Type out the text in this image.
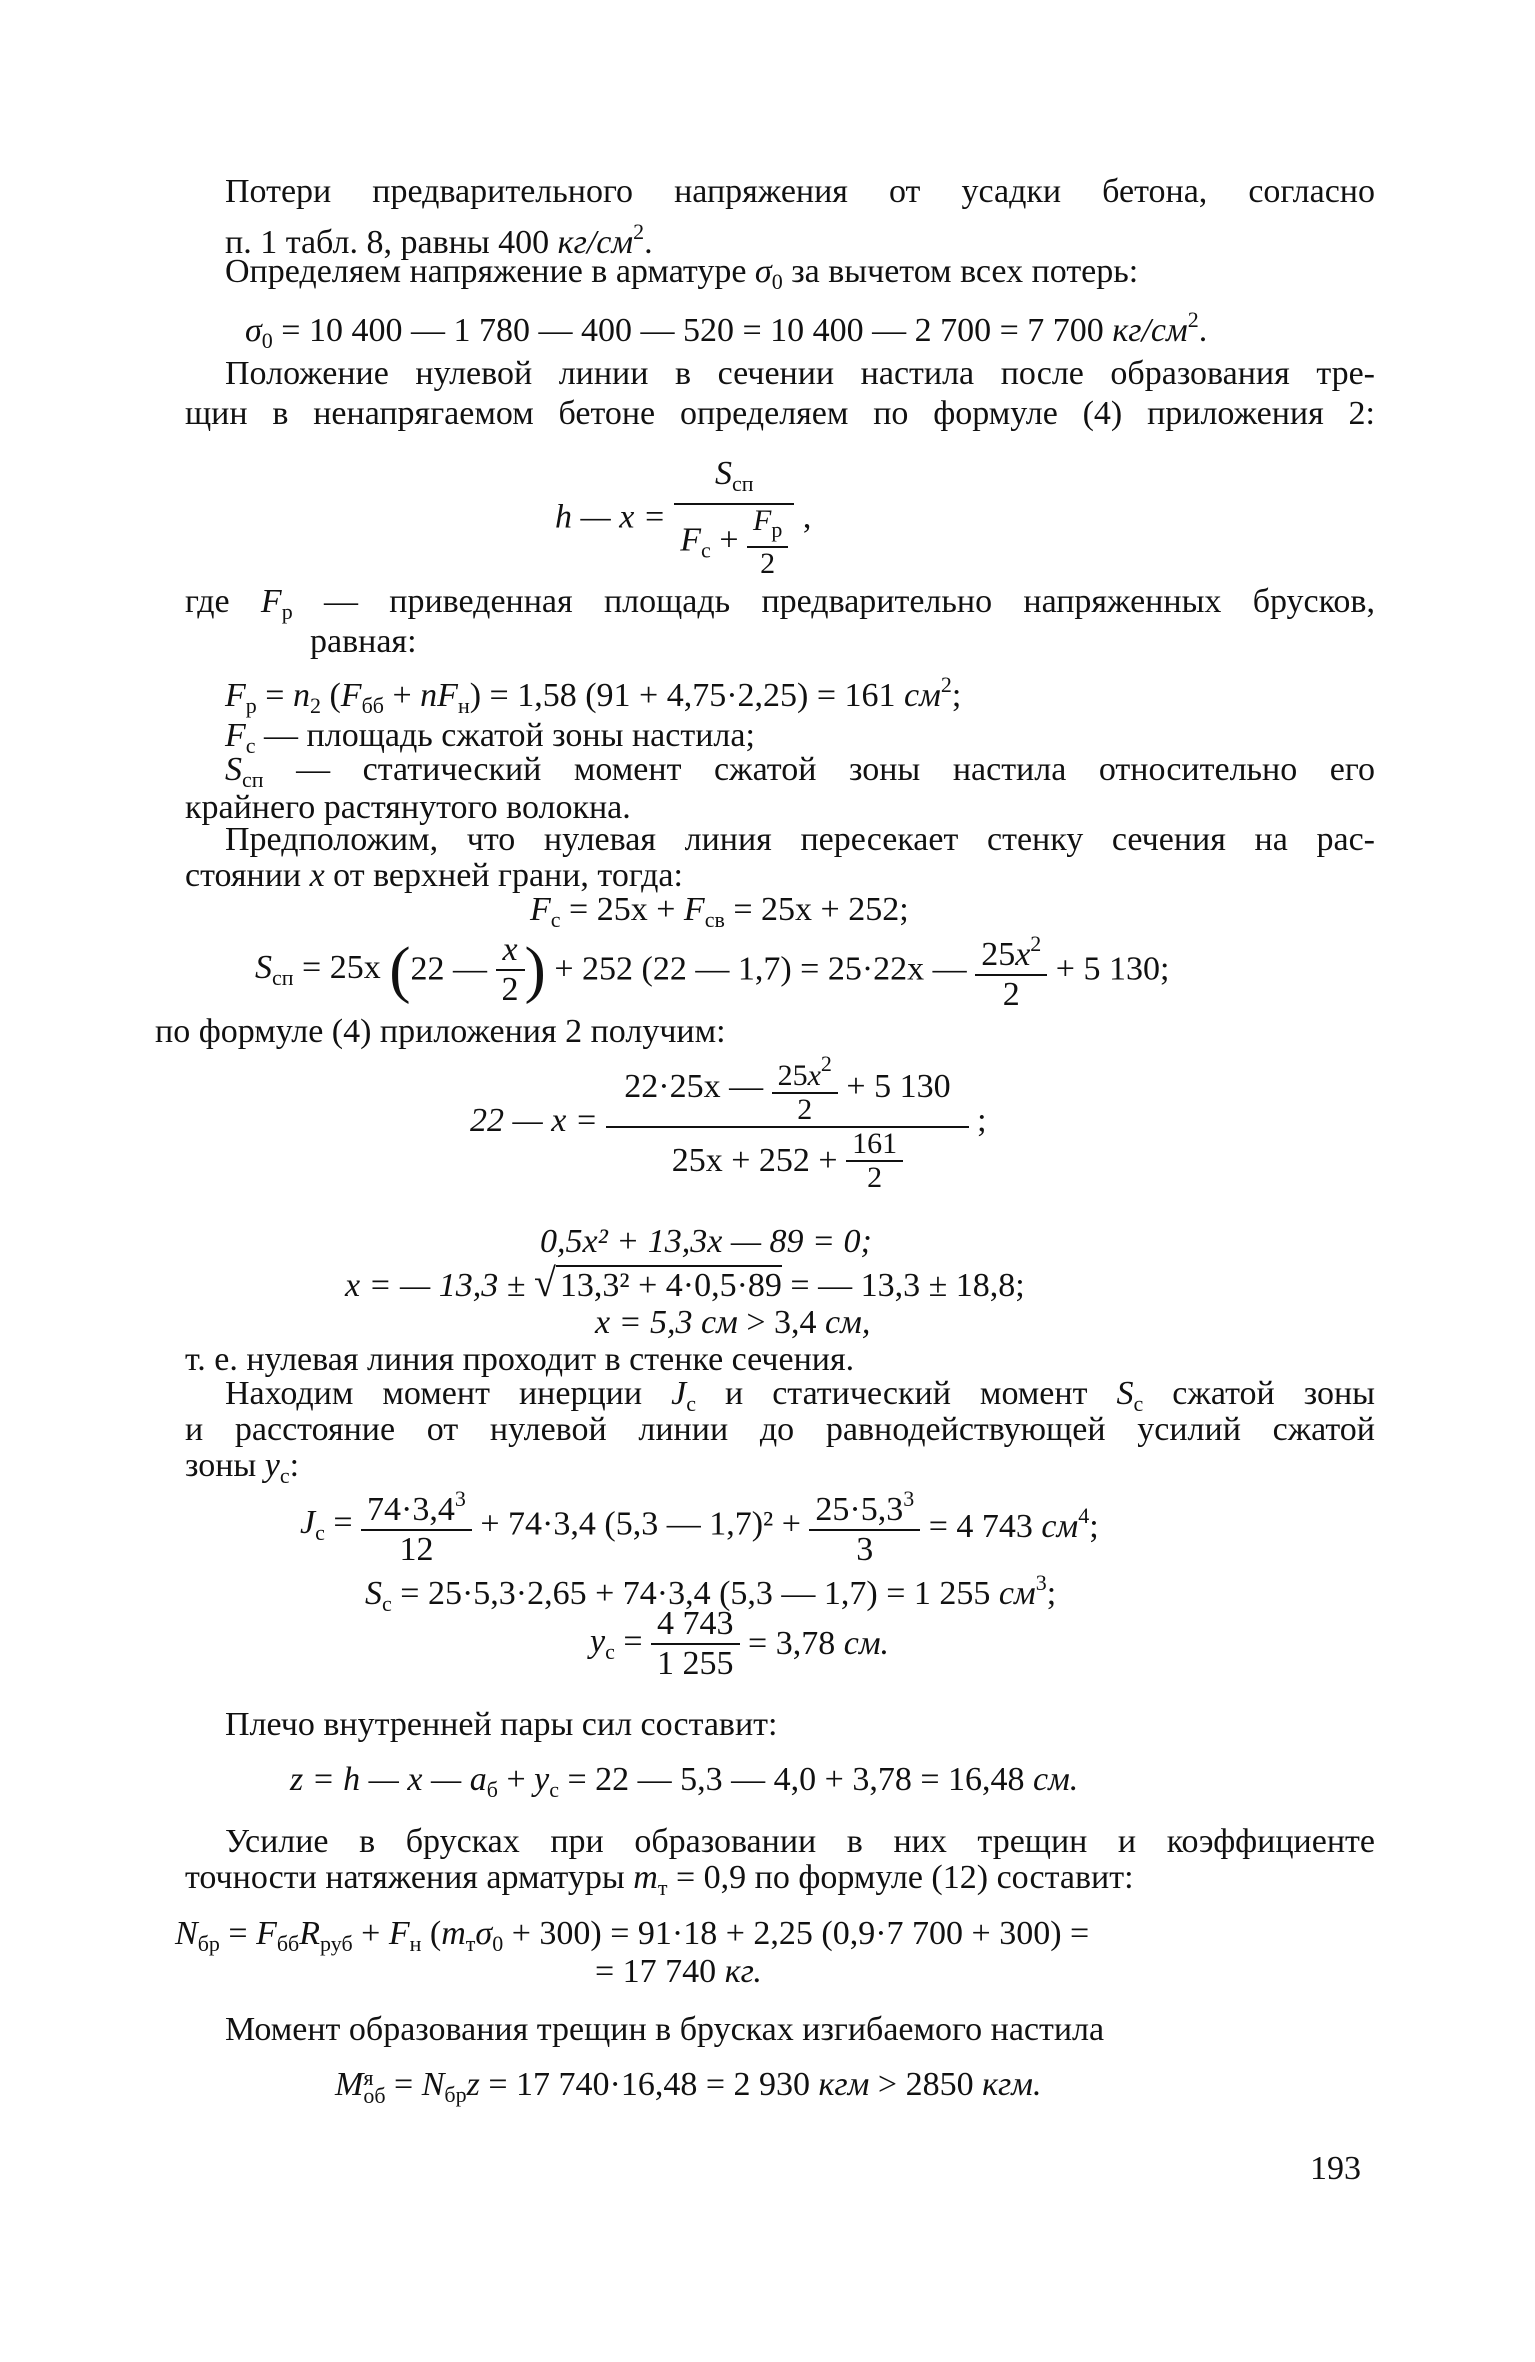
Потери предварительного напряжения от усадки бетона, согласно
п. 1 табл. 8, равны 400 $кг/см^2$.
Определяем напряжение в арматуре $\sigma_0$ за вычетом всех потерь:
$\sigma_0 = 10$ 400 — 1 780 — 400 — 520 = 10 400 — 2 700 = 7 700 $кг/см^2$.
Положение нулевой линии в сечении настила после образования тре-
щин в ненапрягаемом бетоне определяем по формуле (4) приложения 2:
h — $x = \frac{S_{сп}}{F_с + \frac{F_р}{2}}$ ,
где $F_р$ — приведенная площадь предварительно напряженных брусков,
равная:
$F_р = n_2$ $(F_{бб} + nF_н) = 1,58$ (91 + 4,75·2,25) = 161 $см^2$;
$F_с$ — площадь сжатой зоны настила;
$S_{сп}$ — статический момент сжатой зоны настила относительно его
крайнего растянутого волокна.
Предположим, что нулевая линия пересекает стенку сечения на рас-
стоянии x от верхней грани, тогда:
$F_с = 25x + F_{св} = 25x + 252$;
$S_{сп} = 25x$ (22 — $\frac{x}{2}$ ) + 252 (22 — 1,7) = 25·22x — $\frac{25x^2}{2} + 5$ 130;
по формуле (4) приложения 2 получим:
22 — $x = \frac{22\cdot 25x — \frac{25x^2}{2} + 5 130}{25x + 252 + \frac{161}{2}}$ ;
0,5x² + 13,3x — 89 = 0;
x = — 13,3 ± √ 13,3² + 4·0,5·89 = — 13,3 ± 18,8;
x = 5,3 см > 3,4 см,
т. е. нулевая линия проходит в стенке сечения.
Находим момент инерции $J_с$ и статический момент $S_с$ сжатой зоны
и расстояние от нулевой линии до равнодействующей усилий сжатой
зоны $y_с$:
$J_с = \frac{74\cdot 3,4^3}{12} + 74\cdot 3,4$ (5,3 — $1,7)^2 + \frac{25\cdot 5,3^3}{3} = 4$ 743 $см^4$;
$S_с = 25\cdot 5,3\cdot 2,65 + 74\cdot 3,4$ (5,3 — 1,7) = 1 255 $см^3$;
$y_с = \frac{4 743}{1 255} = 3,78$ см.
Плечо внутренней пары сил составит:
z = h — x — $a_б + y_с = 22$ — 5,3 — 4,0 + 3,78 = 16,48 см.
Усилие в брусках при образовании в них трещин и коэффициенте
точности натяжения арматуры $m_т = 0,9$ по формуле (12) составит:
$N_{бр} = F_{бб}R_{руб} + F_н$ $(m_т\sigma_0 + 300) = 91\cdot 18 + 2,25$ (0,9·7 700 + 300) =
= 17 740 кг.
Момент образования трещин в брусках изгибаемого настила
M я
об = $N_{бр}z = 17$ 740·16,48 = 2 930 кгм > 2850 кгм.
193
